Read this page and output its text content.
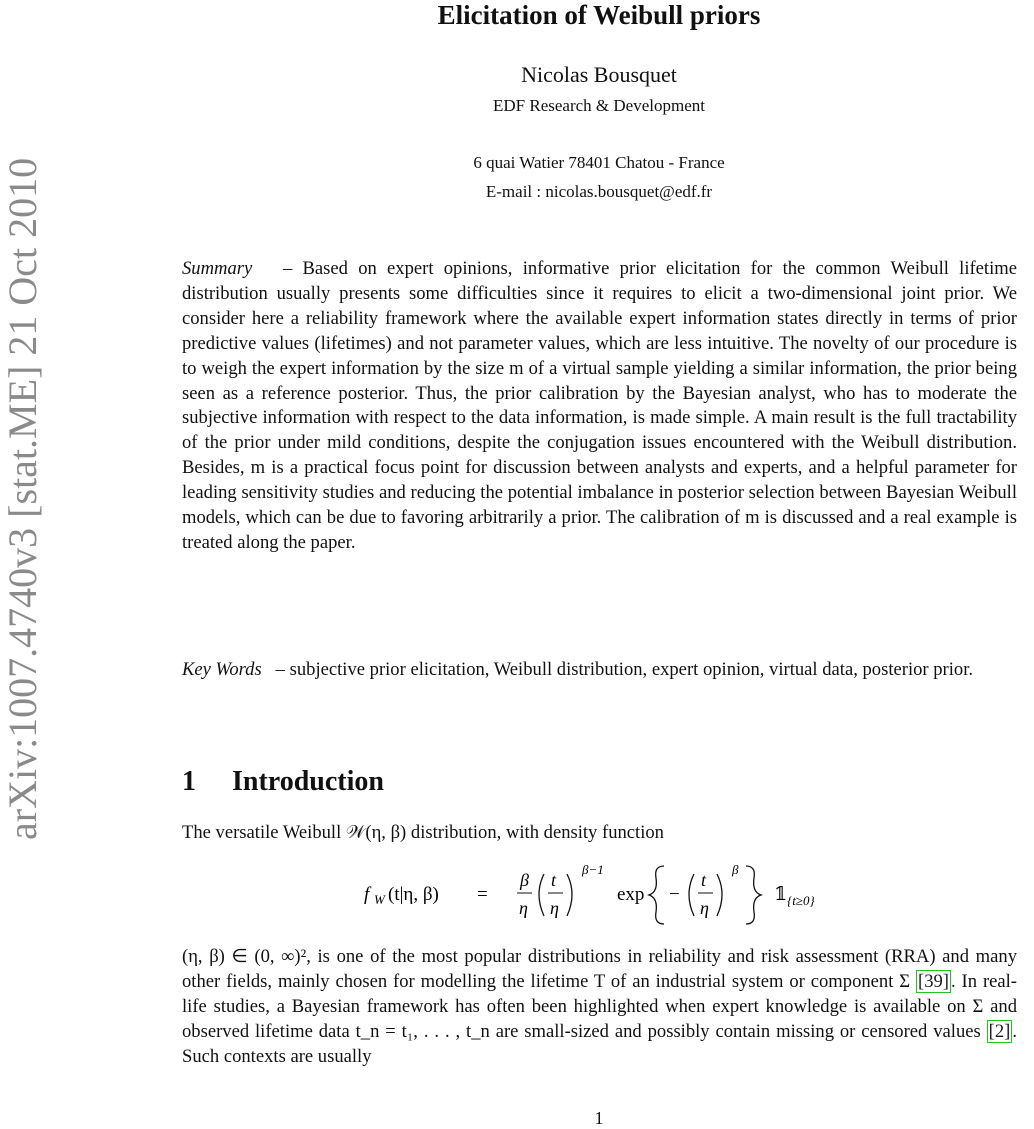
arXiv:1007.4740v3 [stat.ME] 21 Oct 2010
Elicitation of Weibull priors
Nicolas Bousquet
EDF Research & Development
6 quai Watier 78401 Chatou - France
E-mail : nicolas.bousquet@edf.fr
Summary – Based on expert opinions, informative prior elicitation for the common Weibull lifetime distribution usually presents some difficulties since it requires to elicit a two-dimensional joint prior. We consider here a reliability framework where the available expert information states directly in terms of prior predictive values (lifetimes) and not parameter values, which are less intuitive. The novelty of our procedure is to weigh the expert information by the size m of a virtual sample yielding a similar information, the prior being seen as a reference posterior. Thus, the prior calibration by the Bayesian analyst, who has to moderate the subjective information with respect to the data information, is made simple. A main result is the full tractability of the prior under mild conditions, despite the conjugation issues encountered with the Weibull distribution. Besides, m is a practical focus point for discussion between analysts and experts, and a helpful parameter for leading sensitivity studies and reducing the potential imbalance in posterior selection between Bayesian Weibull models, which can be due to favoring arbitrarily a prior. The calibration of m is discussed and a real example is treated along the paper.
Key Words – subjective prior elicitation, Weibull distribution, expert opinion, virtual data, posterior prior.
1 Introduction
The versatile Weibull 𝒲(η, β) distribution, with density function
f W (t|η, β) =
β
η
t
η
β−1
exp −
t
η
β
𝟙 {t≥0}
(η, β) ∈ (0, ∞)², is one of the most popular distributions in reliability and risk assessment (RRA) and many other fields, mainly chosen for modelling the lifetime T of an industrial system or component Σ [39] . In real-life studies, a Bayesian framework has often been highlighted when expert knowledge is available on Σ and observed lifetime data t_n = t₁, . . . , t_n are small-sized and possibly contain missing or censored values [2] . Such contexts are usually
1
